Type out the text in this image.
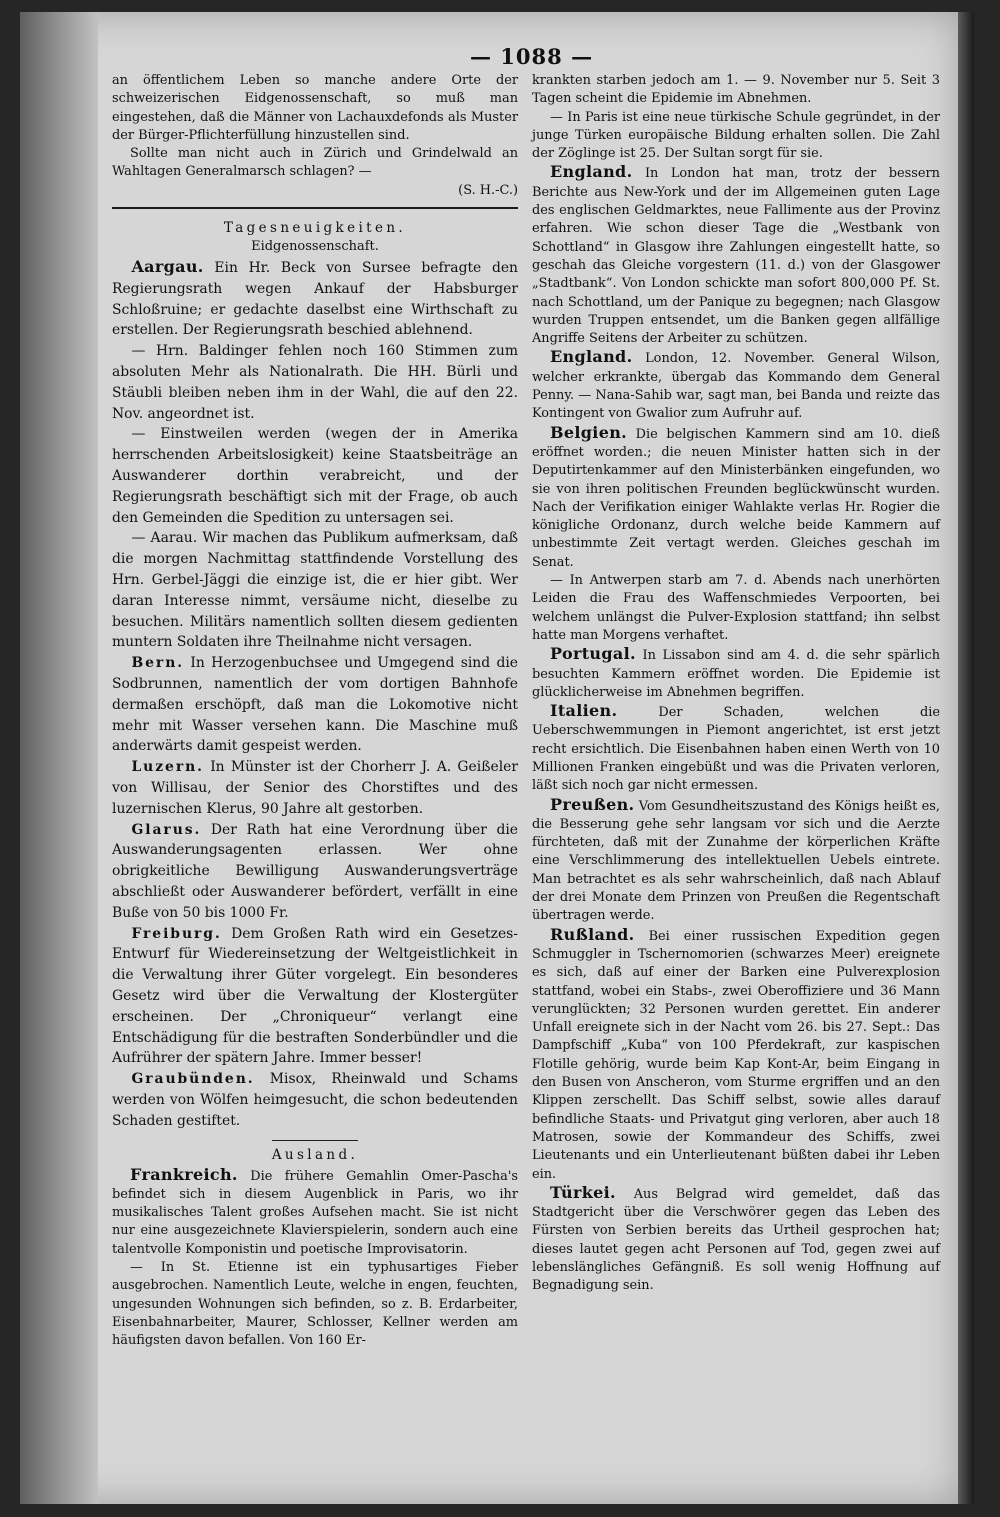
— 1088 —

an öffentlichem Leben so manche andere Orte der schweizerischen Eidgenossenschaft, so muß man eingestehen, daß die Männer von Lachauxdefonds als Muster der Bürger-Pflichterfüllung hinzustellen sind.

Sollte man nicht auch in Zürich und Grindelwald an Wahltagen Generalmarsch schlagen? —
(S. H.-C.)

Tagesneuigkeiten.
Eidgenossenschaft.

Aargau. Ein Hr. Beck von Sursee befragte den Regierungsrath wegen Ankauf der Habsburger Schloßruine; er gedachte daselbst eine Wirthschaft zu erstellen. Der Regierungsrath beschied ablehnend.

— Hrn. Baldinger fehlen noch 160 Stimmen zum absoluten Mehr als Nationalrath. Die HH. Bürli und Stäubli bleiben neben ihm in der Wahl, die auf den 22. Nov. angeordnet ist.

— Einstweilen werden (wegen der in Amerika herrschenden Arbeitslosigkeit) keine Staatsbeiträge an Auswanderer dorthin verabreicht, und der Regierungsrath beschäftigt sich mit der Frage, ob auch den Gemeinden die Spedition zu untersagen sei.

— Aarau. Wir machen das Publikum aufmerksam, daß die morgen Nachmittag stattfindende Vorstellung des Hrn. Gerbel-Jäggi die einzige ist, die er hier gibt. Wer daran Interesse nimmt, versäume nicht, dieselbe zu besuchen. Militärs namentlich sollten diesem gedienten muntern Soldaten ihre Theilnahme nicht versagen.

Bern. In Herzogenbuchsee und Umgegend sind die Sodbrunnen, namentlich der vom dortigen Bahnhofe dermaßen erschöpft, daß man die Lokomotive nicht mehr mit Wasser versehen kann. Die Maschine muß anderwärts damit gespeist werden.

Luzern. In Münster ist der Chorherr J. A. Geißeler von Willisau, der Senior des Chorstiftes und des luzernischen Klerus, 90 Jahre alt gestorben.

Glarus. Der Rath hat eine Verordnung über die Auswanderungsagenten erlassen. Wer ohne obrigkeitliche Bewilligung Auswanderungsverträge abschließt oder Auswanderer befördert, verfällt in eine Buße von 50 bis 1000 Fr.

Freiburg. Dem Großen Rath wird ein Gesetzes-Entwurf für Wiedereinsetzung der Weltgeistlichkeit in die Verwaltung ihrer Güter vorgelegt. Ein besonderes Gesetz wird über die Verwaltung der Klostergüter erscheinen. Der „Chroniqueur“ verlangt eine Entschädigung für die bestraften Sonderbündler und die Aufrührer der spätern Jahre. Immer besser!

Graubünden. Misox, Rheinwald und Schams werden von Wölfen heimgesucht, die schon bedeutenden Schaden gestiftet.

Ausland.

Frankreich. Die frühere Gemahlin Omer-Pascha's befindet sich in diesem Augenblick in Paris, wo ihr musikalisches Talent großes Aufsehen macht. Sie ist nicht nur eine ausgezeichnete Klavierspielerin, sondern auch eine talentvolle Komponistin und poetische Improvisatorin.

— In St. Etienne ist ein typhusartiges Fieber ausgebrochen. Namentlich Leute, welche in engen, feuchten, ungesunden Wohnungen sich befinden, so z. B. Erdarbeiter, Eisenbahnarbeiter, Maurer, Schlosser, Kellner werden am häufigsten davon befallen. Von 160 Er-

krankten starben jedoch am 1. — 9. November nur 5. Seit 3 Tagen scheint die Epidemie im Abnehmen.

— In Paris ist eine neue türkische Schule gegründet, in der junge Türken europäische Bildung erhalten sollen. Die Zahl der Zöglinge ist 25. Der Sultan sorgt für sie.

England. In London hat man, trotz der bessern Berichte aus New-York und der im Allgemeinen guten Lage des englischen Geldmarktes, neue Fallimente aus der Provinz erfahren. Wie schon dieser Tage die „Westbank von Schottland“ in Glasgow ihre Zahlungen eingestellt hatte, so geschah das Gleiche vorgestern (11. d.) von der Glasgower „Stadtbank“. Von London schickte man sofort 800,000 Pf. St. nach Schottland, um der Panique zu begegnen; nach Glasgow wurden Truppen entsendet, um die Banken gegen allfällige Angriffe Seitens der Arbeiter zu schützen.

England. London, 12. November. General Wilson, welcher erkrankte, übergab das Kommando dem General Penny. — Nana-Sahib war, sagt man, bei Banda und reizte das Kontingent von Gwalior zum Aufruhr auf.

Belgien. Die belgischen Kammern sind am 10. dieß eröffnet worden.; die neuen Minister hatten sich in der Deputirtenkammer auf den Ministerbänken eingefunden, wo sie von ihren politischen Freunden beglückwünscht wurden. Nach der Verifikation einiger Wahlakte verlas Hr. Rogier die königliche Ordonanz, durch welche beide Kammern auf unbestimmte Zeit vertagt werden. Gleiches geschah im Senat.

— In Antwerpen starb am 7. d. Abends nach unerhörten Leiden die Frau des Waffenschmiedes Verpoorten, bei welchem unlängst die Pulver-Explosion stattfand; ihn selbst hatte man Morgens verhaftet.

Portugal. In Lissabon sind am 4. d. die sehr spärlich besuchten Kammern eröffnet worden. Die Epidemie ist glücklicherweise im Abnehmen begriffen.

Italien.	Der Schaden, welchen die Ueberschwemmungen in Piemont angerichtet, ist erst jetzt recht ersichtlich. Die Eisenbahnen haben einen Werth von 10 Millionen Franken eingebüßt und was die Privaten verloren, läßt sich noch gar nicht ermessen.

Preußen. Vom Gesundheitszustand des Königs heißt es, die Besserung gehe sehr langsam vor sich und die Aerzte fürchteten, daß mit der Zunahme der körperlichen Kräfte eine Verschlimmerung des intellektuellen Uebels eintrete. Man betrachtet es als sehr wahrscheinlich, daß nach Ablauf der drei Monate dem Prinzen von Preußen die Regentschaft übertragen werde.

Rußland. Bei einer russischen Expedition gegen Schmuggler in Tschernomorien (schwarzes Meer) ereignete es sich, daß auf einer der Barken eine Pulverexplosion stattfand, wobei ein Stabs-, zwei Oberoffiziere und 36 Mann verunglückten; 32 Personen wurden gerettet. Ein anderer Unfall ereignete sich in der Nacht vom 26. bis 27. Sept.: Das Dampfschiff „Kuba“ von 100 Pferdekraft, zur kaspischen Flotille gehörig, wurde beim Kap Kont-Ar, beim Eingang in den Busen von Anscheron, vom Sturme ergriffen und an den Klippen zerschellt. Das Schiff selbst, sowie alles darauf befindliche Staats- und Privatgut ging verloren, aber auch 18 Matrosen, sowie der Kommandeur des Schiffs, zwei Lieutenants und ein Unterlieutenant büßten dabei ihr Leben ein.

Türkei. Aus Belgrad wird gemeldet, daß das Stadtgericht über die Verschwörer gegen das Leben des Fürsten von Serbien bereits das Urtheil gesprochen hat; dieses lautet gegen acht Personen auf Tod, gegen zwei auf lebenslängliches Gefängniß. Es soll wenig Hoffnung auf Begnadigung sein.
